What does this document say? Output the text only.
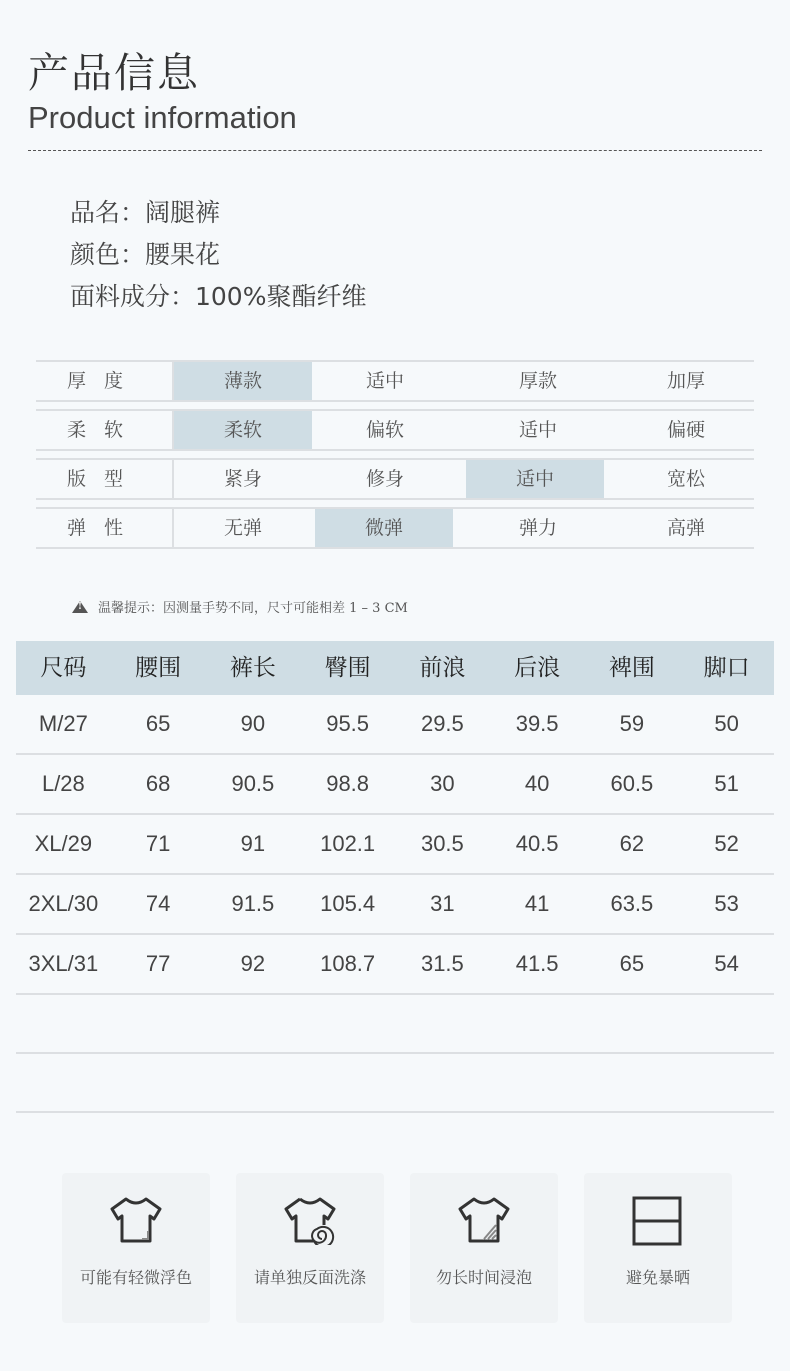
产品信息
Product information
品名：阔腿裤
颜色：腰果花
面料成分：100%聚酯纤维
厚度	薄款	适中	厚款	加厚
柔软	柔软	偏软	适中	偏硬
版型	紧身	修身	适中	宽松
弹性	无弹	微弹	弹力	高弹
!温馨提示：因测量手势不同，尺寸可能相差 1 – 3 CM
尺码	腰围	裤长	臀围	前浪	后浪	裨围	脚口
M/27	65	90	95.5	29.5	39.5	59	50
L/28	68	90.5	98.8	30	40	60.5	51
XL/29	71	91	102.1	30.5	40.5	62	52
2XL/30	74	91.5	105.4	31	41	63.5	53
3XL/31	77	92	108.7	31.5	41.5	65	54
可能有轻微浮色	请单独反面洗涤	勿长时间浸泡	避免暴晒
